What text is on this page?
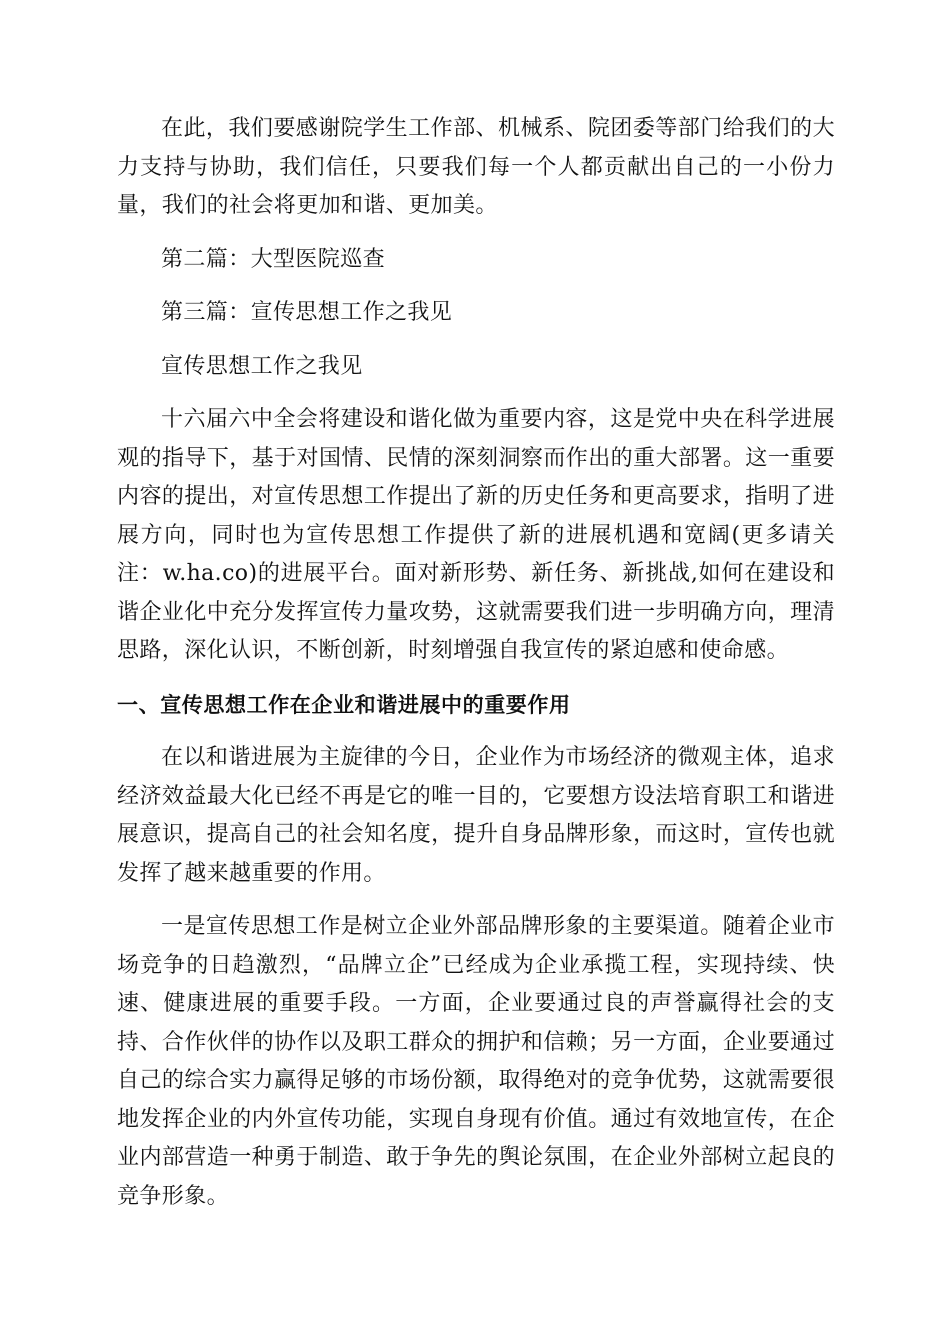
在此，我们要感谢院学生工作部、机械系、院团委等部门给我们的大力支持与协助，我们信任，只要我们每一个人都贡献出自己的一小份力量，我们的社会将更加和谐、更加美。

第二篇：大型医院巡查

第三篇：宣传思想工作之我见

宣传思想工作之我见

十六届六中全会将建设和谐化做为重要内容，这是党中央在科学进展观的指导下，基于对国情、民情的深刻洞察而作出的重大部署。这一重要内容的提出，对宣传思想工作提出了新的历史任务和更高要求，指明了进展方向，同时也为宣传思想工作提供了新的进展机遇和宽阔(更多请关注：w.ha.co)的进展平台。面对新形势、新任务、新挑战,如何在建设和谐企业化中充分发挥宣传力量攻势，这就需要我们进一步明确方向，理清思路，深化认识，不断创新，时刻增强自我宣传的紧迫感和使命感。

一、宣传思想工作在企业和谐进展中的重要作用

在以和谐进展为主旋律的今日，企业作为市场经济的微观主体，追求经济效益最大化已经不再是它的唯一目的，它要想方设法培育职工和谐进展意识，提高自己的社会知名度，提升自身品牌形象，而这时，宣传也就发挥了越来越重要的作用。

一是宣传思想工作是树立企业外部品牌形象的主要渠道。随着企业市场竞争的日趋激烈，“品牌立企”已经成为企业承揽工程，实现持续、快速、健康进展的重要手段。一方面，企业要通过良的声誉赢得社会的支持、合作伙伴的协作以及职工群众的拥护和信赖；另一方面，企业要通过自己的综合实力赢得足够的市场份额，取得绝对的竞争优势，这就需要很地发挥企业的内外宣传功能，实现自身现有价值。通过有效地宣传，在企业内部营造一种勇于制造、敢于争先的舆论氛围，在企业外部树立起良的竞争形象。
